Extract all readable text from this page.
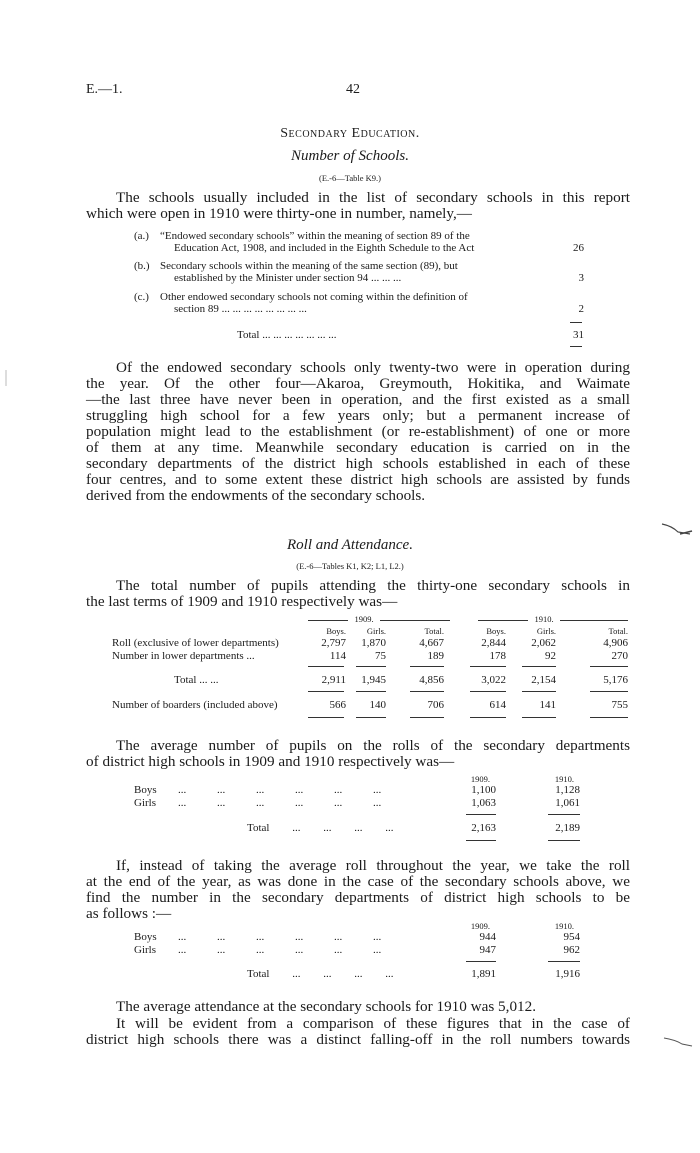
E.—1.	42
Secondary Education.
Number of Schools.
(E.-6—Table K9.)
The schools usually included in the list of secondary schools in this report
which were open in 1910 were thirty-one in number, namely,—
(a.) “Endowed secondary schools” within the meaning of section 89 of the
Education Act, 1908, and included in the Eighth Schedule to the Act	26
(b.) Secondary schools within the meaning of the same section (89), but
established by the Minister under section 94 ... ... ...	3
(c.) Other endowed secondary schools not coming within the definition of
section 89 ... ... ... ... ... ... ... ...	2
Total ... ... ... ... ... ... ...	31
Of the endowed secondary schools only twenty-two were in operation during
the year. Of the other four—Akaroa, Greymouth, Hokitika, and Waimate
—the last three have never been in operation, and the first existed as a small
struggling high school for a few years only; but a permanent increase of
population might lead to the establishment (or re-establishment) of one or more
of them at any time. Meanwhile secondary education is carried on in the
secondary departments of the district high schools established in each of these
four centres, and to some extent these district high schools are assisted by funds
derived from the endowments of the secondary schools.
Roll and Attendance.
(E.-6—Tables K1, K2; L1, L2.)
The total number of pupils attending the thirty-one secondary schools in
the last terms of 1909 and 1910 respectively was—
1909.	1910.
Boys.	Girls.	Total.	Boys.	Girls.	Total.
Roll (exclusive of lower departments)	2,797	1,870	4,667	2,844	2,062	4,906
Number in lower departments ...	114	75	189	178	92	270
Total ... ...	2,911	1,945	4,856	3,022	2,154	5,176
Number of boarders (included above)	566	140	706	614	141	755
The average number of pupils on the rolls of the secondary departments
of district high schools in 1909 and 1910 respectively was—
1909.	1910.
Boys ... ... ... ... ... ...	1,100	1,128
Girls ... ... ... ... ... ...	1,063	1,061
Total ... ... ... ...	2,163	2,189
If, instead of taking the average roll throughout the year, we take the roll
at the end of the year, as was done in the case of the secondary schools above, we
find the number in the secondary departments of district high schools to be
as follows :—
1909.	1910.
Boys ... ... ... ... ... ...	944	954
Girls ... ... ... ... ... ...	947	962
Total ... ... ... ...	1,891	1,916
The average attendance at the secondary schools for 1910 was 5,012.
It will be evident from a comparison of these figures that in the case of
district high schools there was a distinct falling-off in the roll numbers towards
